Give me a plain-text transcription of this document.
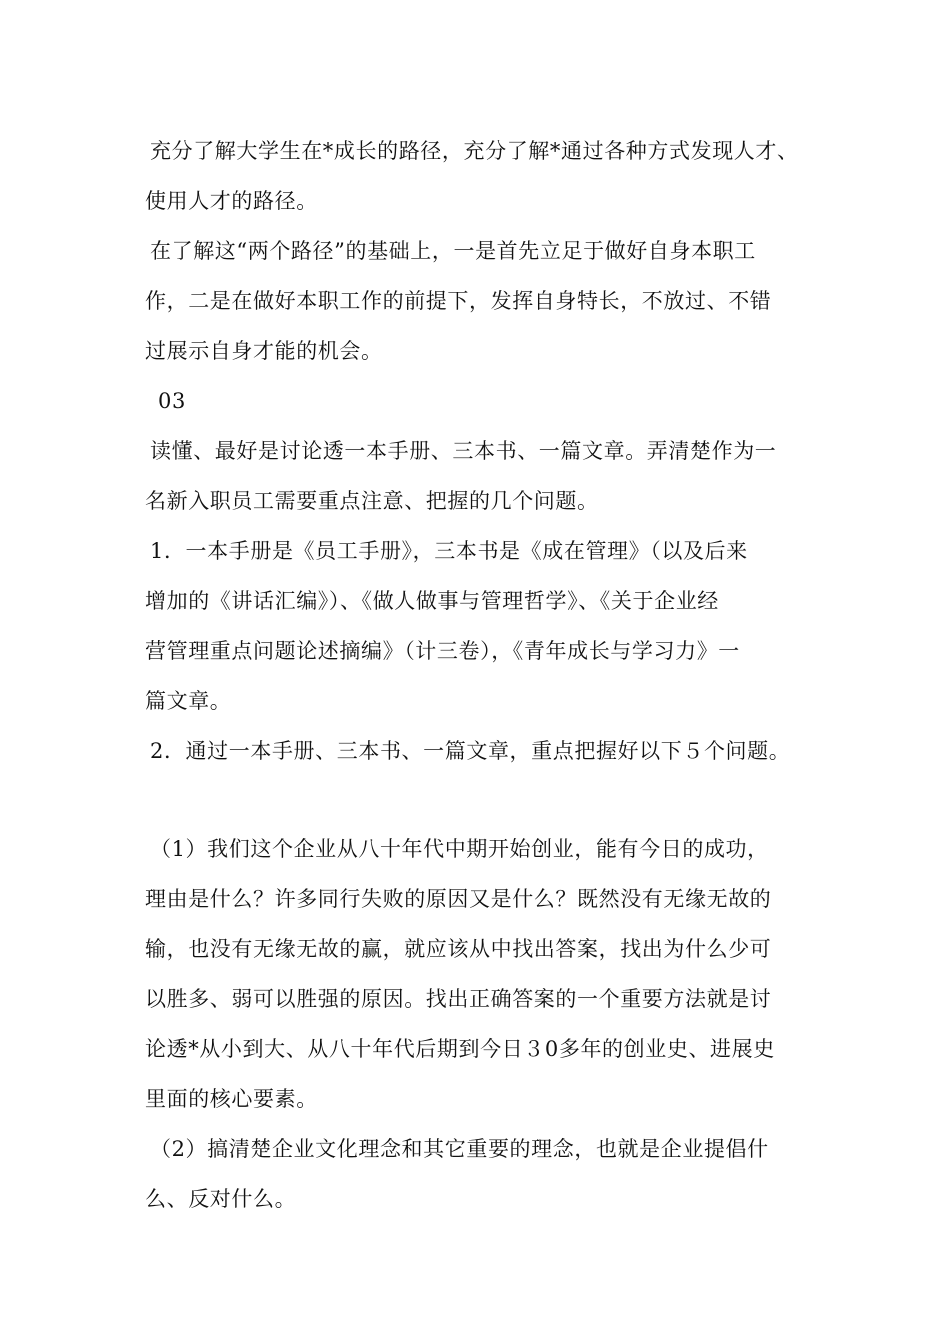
充分了解大学生在*成长的路径，充分了解*通过各种方式发现人才、
使用人才的路径。
在了解这“两个路径”的基础上，一是首先立足于做好自身本职工
作，二是在做好本职工作的前提下，发挥自身特长，不放过、不错
过展示自身才能的机会。
03
读懂、最好是讨论透一本手册、三本书、一篇文章。弄清楚作为一
名新入职员工需要重点注意、把握的几个问题。
1．一本手册是《员工手册》，三本书是《成在管理》（以及后来
增加的《讲话汇编》）、《做人做事与管理哲学》、《关于企业经
营管理重点问题论述摘编》（计三卷），《青年成长与学习力》一
篇文章。
2．通过一本手册、三本书、一篇文章，重点把握好以下５个问题。
（1）我们这个企业从八十年代中期开始创业，能有今日的成功，
理由是什么？许多同行失败的原因又是什么？既然没有无缘无故的
输，也没有无缘无故的赢，就应该从中找出答案，找出为什么少可
以胜多、弱可以胜强的原因。找出正确答案的一个重要方法就是讨
论透*从小到大、从八十年代后期到今日３0多年的创业史、进展史
里面的核心要素。
（2）搞清楚企业文化理念和其它重要的理念，也就是企业提倡什
么、反对什么。
